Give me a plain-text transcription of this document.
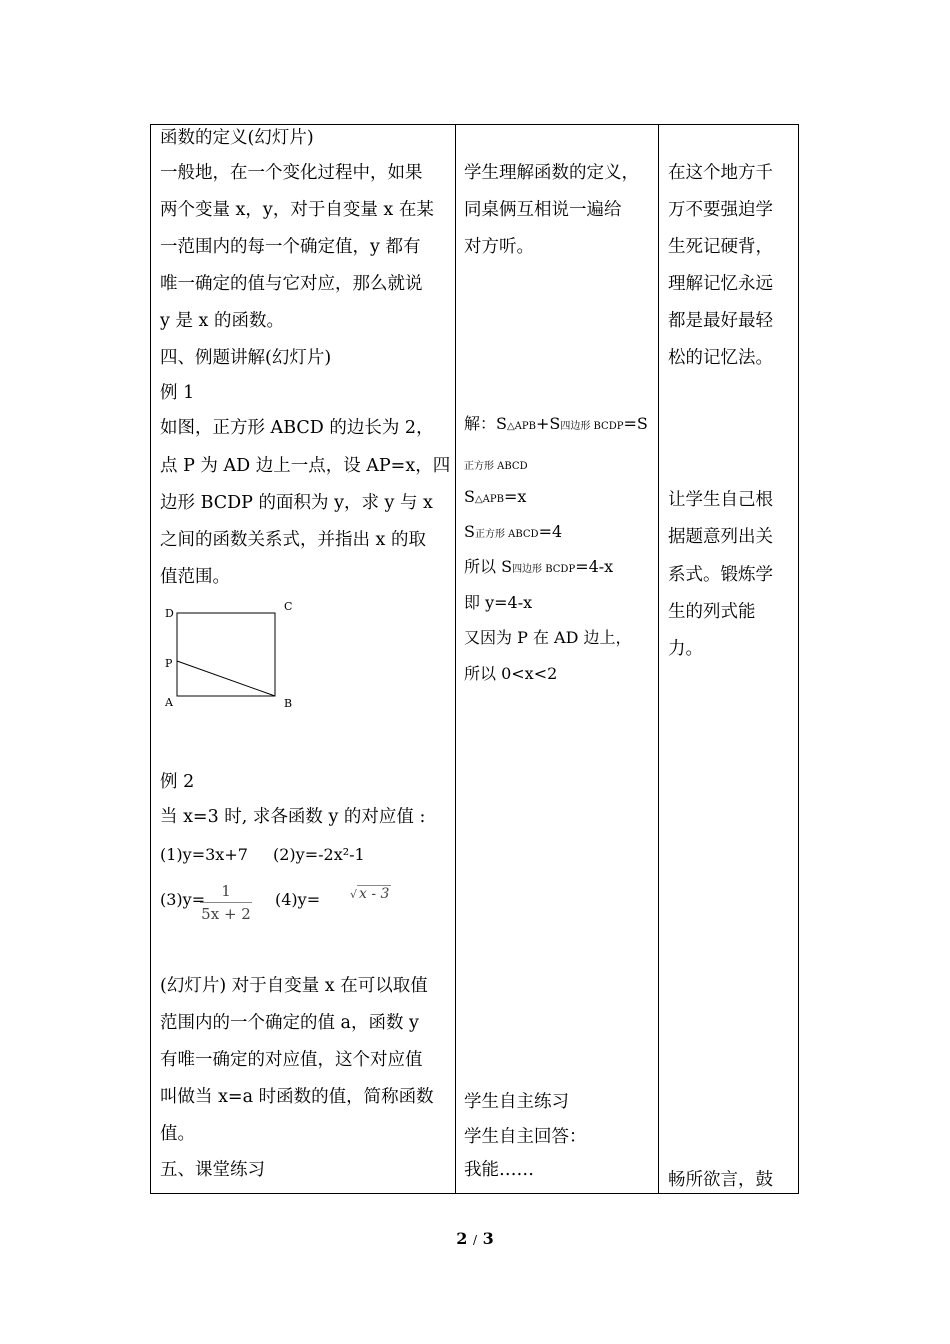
函数的定义(幻灯片)
一般地，在一个变化过程中，如果
两个变量 x，y，对于自变量 x 在某
一范围内的每一个确定值，y 都有
唯一确定的值与它对应，那么就说
y 是 x 的函数。
四、例题讲解(幻灯片)
例 1
如图，正方形 ABCD 的边长为 2，
点 P 为 AD 边上一点，设 AP=x，四
边形 BCDP 的面积为 y，求 y 与 x
之间的函数关系式，并指出 x 的取
值范围。
D
C
P
A	B
例 2
当 x=3 时, 求各函数 y 的对应值 :
(1)y=3x+7 (2)y=-2x²-1
(3)y=
$\frac{1}{5x + 2} (4)y=$	√ x - 3
(幻灯片) 对于自变量 x 在可以取值
范围内的一个确定的值 a，函数 y
有唯一确定的对应值，这个对应值
叫做当 x=a 时函数的值，简称函数
值。
五、课堂练习
学生理解函数的定义，
同桌俩互相说一遍给
对方听。
解：S△APB+S四边形 BCDP=S
正方形 ABCD
S△APB=x
S正方形 ABCD=4
所以 S四边形 BCDP=4-x
即 y=4-x
又因为 P 在 AD 边上，
所以 0<x<2
学生自主练习
学生自主回答：
我能……
在这个地方千
万不要强迫学
生死记硬背，
理解记忆永远
都是最好最轻
松的记忆法。
让学生自己根
据题意列出关
系式。锻炼学
生的列式能
力。
畅所欲言，鼓
2 / 3
